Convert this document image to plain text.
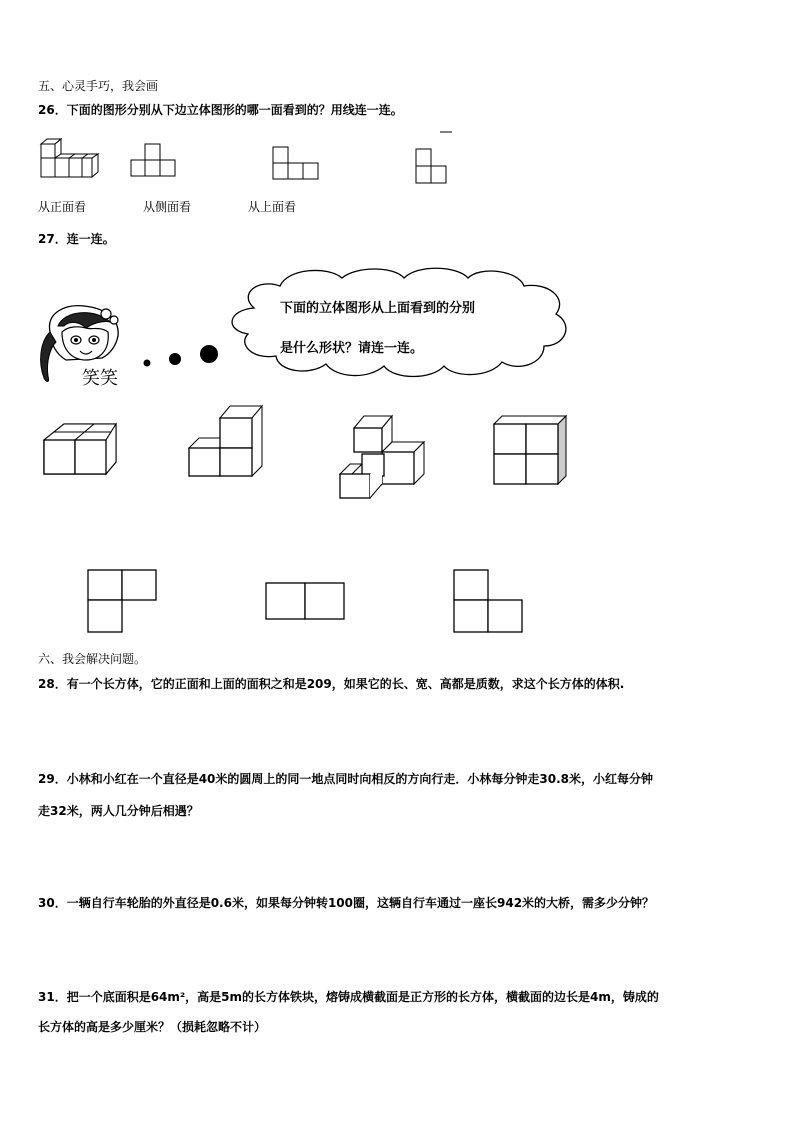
五、心灵手巧，我会画
26．下面的图形分别从下边立体图形的哪一面看到的？用线连一连。
从正面看	从侧面看	从上面看
27．连一连。
笑笑
下面的立体图形从上面看到的分别
是什么形状？请连一连。
六、我会解决问题。
28．有一个长方体，它的正面和上面的面积之和是209，如果它的长、宽、高都是质数，求这个长方体的体积.
29．小林和小红在一个直径是40米的圆周上的同一地点同时向相反的方向行走．小林每分钟走30.8米，小红每分钟
走32米，两人几分钟后相遇？
30．一辆自行车轮胎的外直径是0.6米，如果每分钟转100圈，这辆自行车通过一座长942米的大桥，需多少分钟？
31．把一个底面积是64m²，高是5m的长方体铁块，熔铸成横截面是正方形的长方体，横截面的边长是4m，铸成的
长方体的高是多少厘米？（损耗忽略不计）
